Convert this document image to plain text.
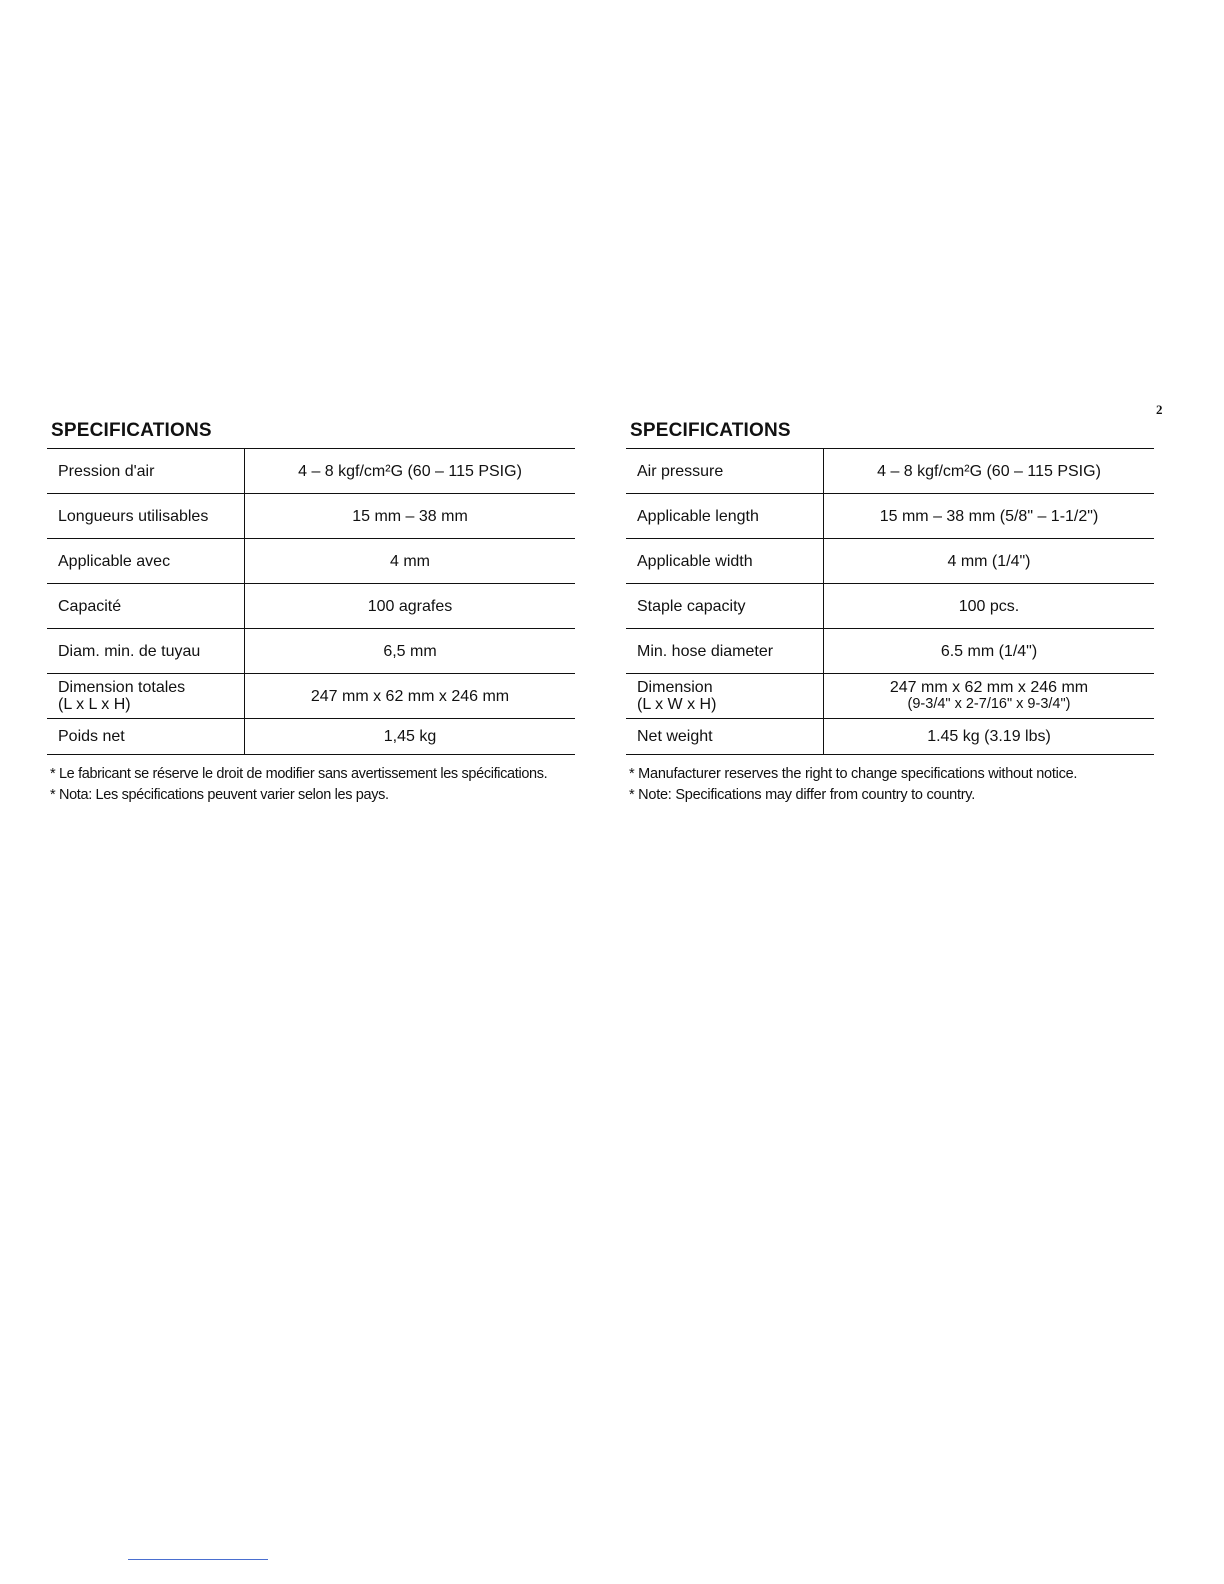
2
SPECIFICATIONS
Pression d'air	4 – 8 kgf/cm²G (60 – 115 PSIG)
Longueurs utilisables	15 mm – 38 mm
Applicable avec	4 mm
Capacité	100 agrafes
Diam. min. de tuyau	6,5 mm
Dimension totales
(L x L x H)	247 mm x 62 mm x 246 mm
Poids net	1,45 kg
* Le fabricant se réserve le droit de modifier sans avertissement les spécifications.
* Nota: Les spécifications peuvent varier selon les pays.
SPECIFICATIONS
Air pressure	4 – 8 kgf/cm²G (60 – 115 PSIG)
Applicable length	15 mm – 38 mm (5/8" – 1-1/2")
Applicable width	4 mm (1/4")
Staple capacity	100 pcs.
Min. hose diameter	6.5 mm (1/4")
Dimension
(L x W x H)	247 mm x 62 mm x 246 mm
(9-3/4" x 2-7/16" x 9-3/4")

Net weight	1.45 kg (3.19 lbs)
* Manufacturer reserves the right to change specifications without notice.
* Note: Specifications may differ from country to country.
